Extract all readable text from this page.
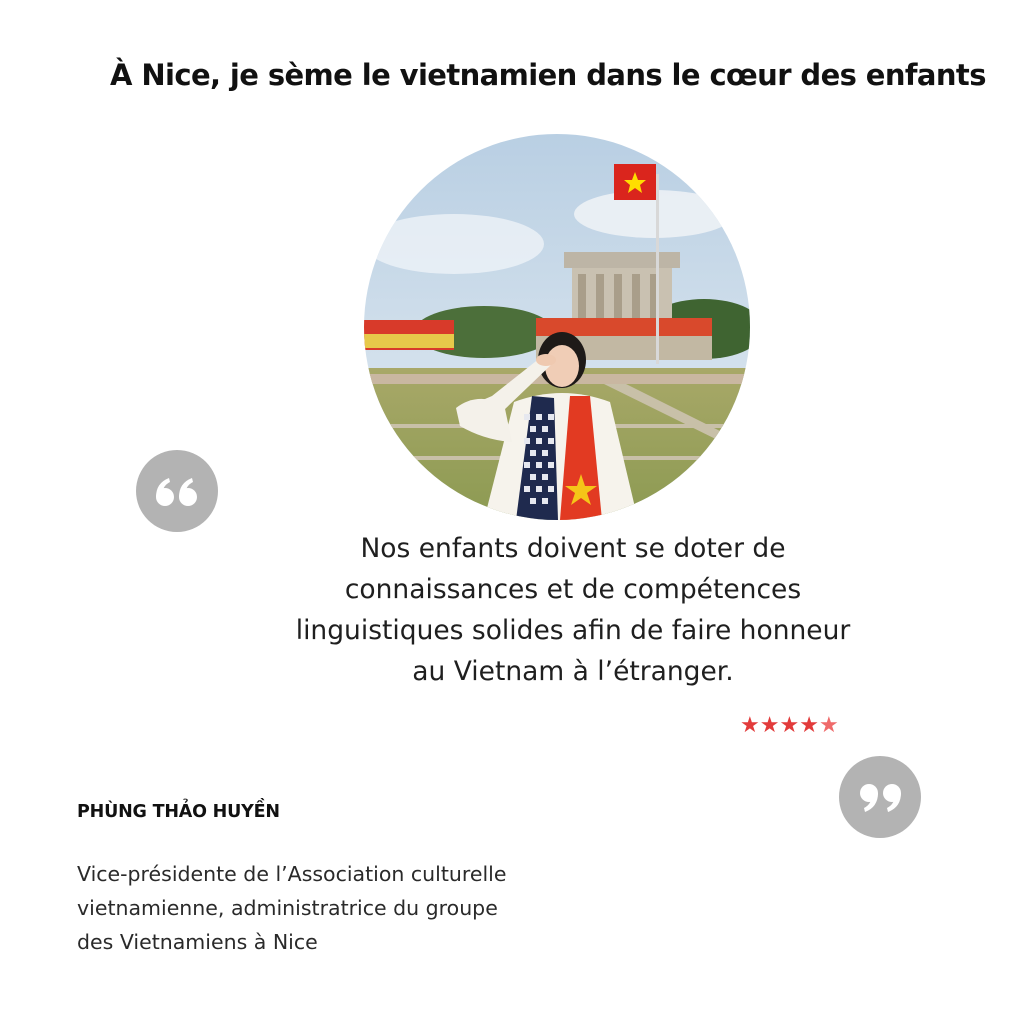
À Nice, je sème le vietnamien dans le cœur des enfants
Nos enfants doivent se doter de
connaissances et de compétences
linguistiques solides afin de faire honneur
au Vietnam à l’étranger.
★ ★ ★ ★ ★
PHÙNG THẢO HUYỀN
Vice-présidente de l’Association culturelle
vietnamienne, administratrice du groupe
des Vietnamiens à Nice
